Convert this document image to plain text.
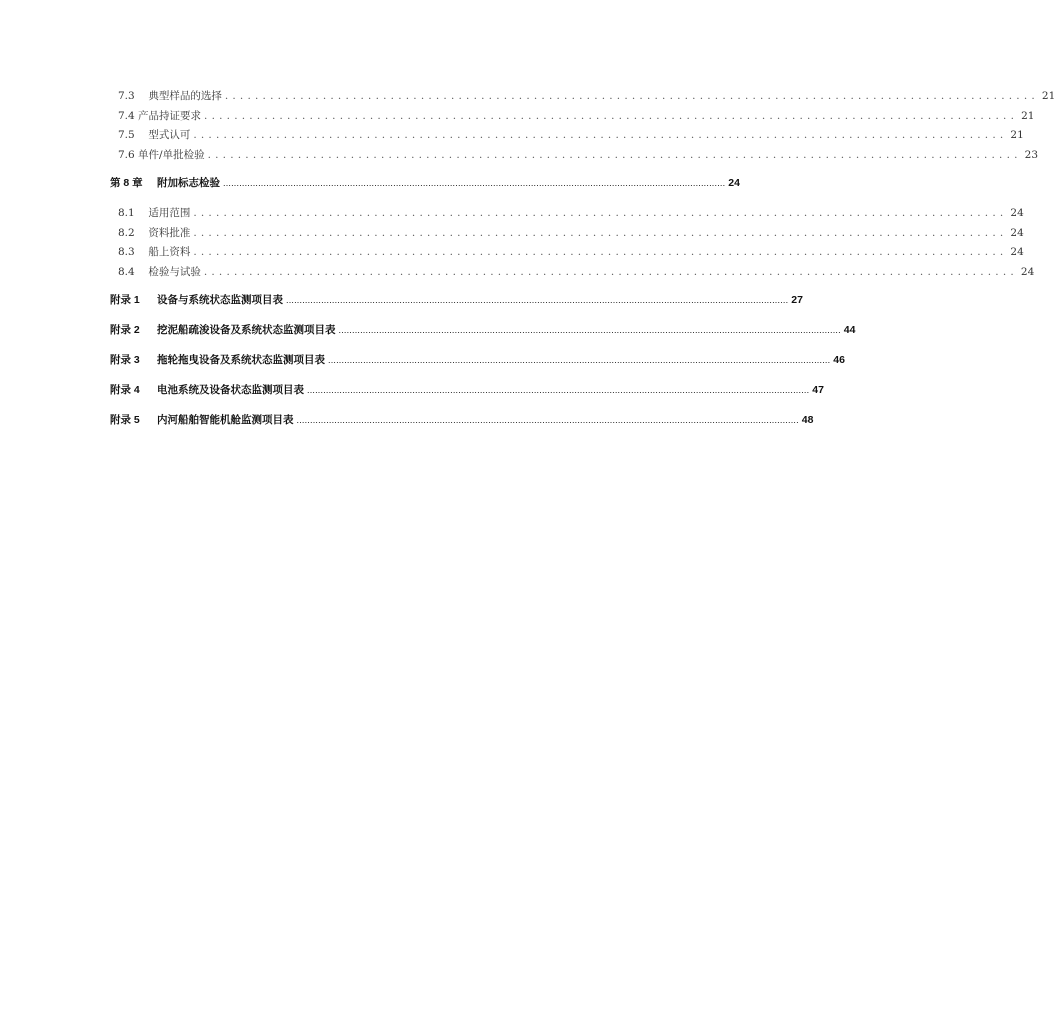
7.3 典型样品的选择 ............................................................................................................ 21
7.4 产品持证要求 ............................................................................................................ 21
7.5 型式认可 ............................................................................................................ 21
7.6 单件/单批检验 ............................................................................................................ 23
第 8 章 附加标志检验 .......................................................................................................................................................................................... 24
8.1 适用范围 ............................................................................................................ 24
8.2 资料批准 ............................................................................................................ 24
8.3 船上资料 ............................................................................................................ 24
8.4 检验与试验 ............................................................................................................ 24
附录 1 设备与系统状态监测项目表 .......................................................................................................................................................................................... 27
附录 2 挖泥船疏浚设备及系统状态监测项目表 .......................................................................................................................................................................................... 44
附录 3 拖轮拖曳设备及系统状态监测项目表 .......................................................................................................................................................................................... 46
附录 4 电池系统及设备状态监测项目表 .......................................................................................................................................................................................... 47
附录 5 内河船舶智能机舱监测项目表 .......................................................................................................................................................................................... 48
